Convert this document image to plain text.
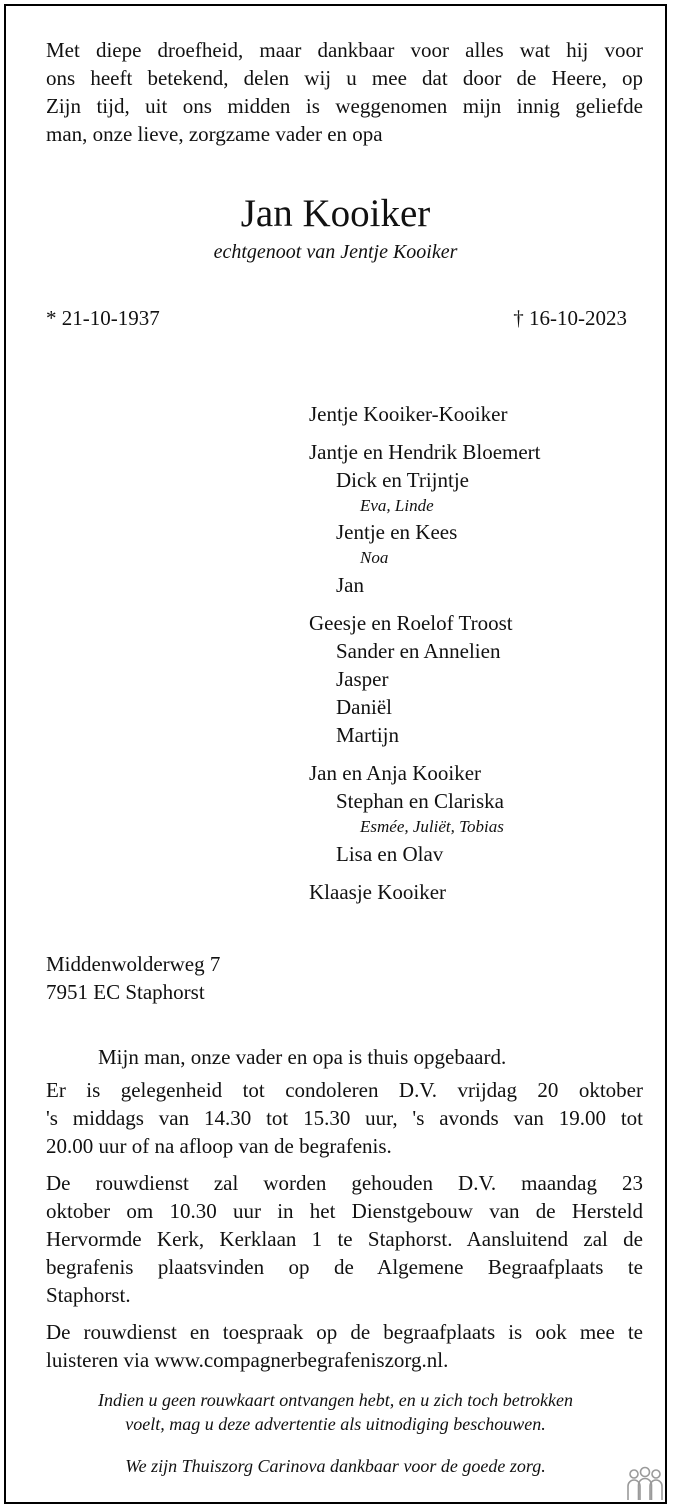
Met diepe droefheid, maar dankbaar voor alles wat hij voor
ons heeft betekend, delen wij u mee dat door de Heere, op
Zijn tijd, uit ons midden is weggenomen mijn innig geliefde
man, onze lieve, zorgzame vader en opa
Jan Kooiker
echtgenoot van Jentje Kooiker
* 21-10-1937	† 16-10-2023
Jentje Kooiker-Kooiker
Jantje en Hendrik Bloemert
Dick en Trijntje
Eva, Linde
Jentje en Kees
Noa
Jan
Geesje en Roelof Troost
Sander en Annelien
Jasper
Daniël
Martijn
Jan en Anja Kooiker
Stephan en Clariska
Esmée, Juliët, Tobias
Lisa en Olav
Klaasje Kooiker
Middenwolderweg 7
7951 EC Staphorst
Mijn man, onze vader en opa is thuis opgebaard.
Er is gelegenheid tot condoleren D.V. vrijdag 20 oktober
's middags van 14.30 tot 15.30 uur, 's avonds van 19.00 tot
20.00 uur of na afloop van de begrafenis.
De rouwdienst zal worden gehouden D.V. maandag 23
oktober om 10.30 uur in het Dienstgebouw van de Hersteld
Hervormde Kerk, Kerklaan 1 te Staphorst. Aansluitend zal de
begrafenis plaatsvinden op de Algemene Begraafplaats te
Staphorst.
De rouwdienst en toespraak op de begraafplaats is ook mee te
luisteren via www.compagnerbegrafeniszorg.nl.
Indien u geen rouwkaart ontvangen hebt, en u zich toch betrokken
voelt, mag u deze advertentie als uitnodiging beschouwen.
We zijn Thuiszorg Carinova dankbaar voor de goede zorg.
